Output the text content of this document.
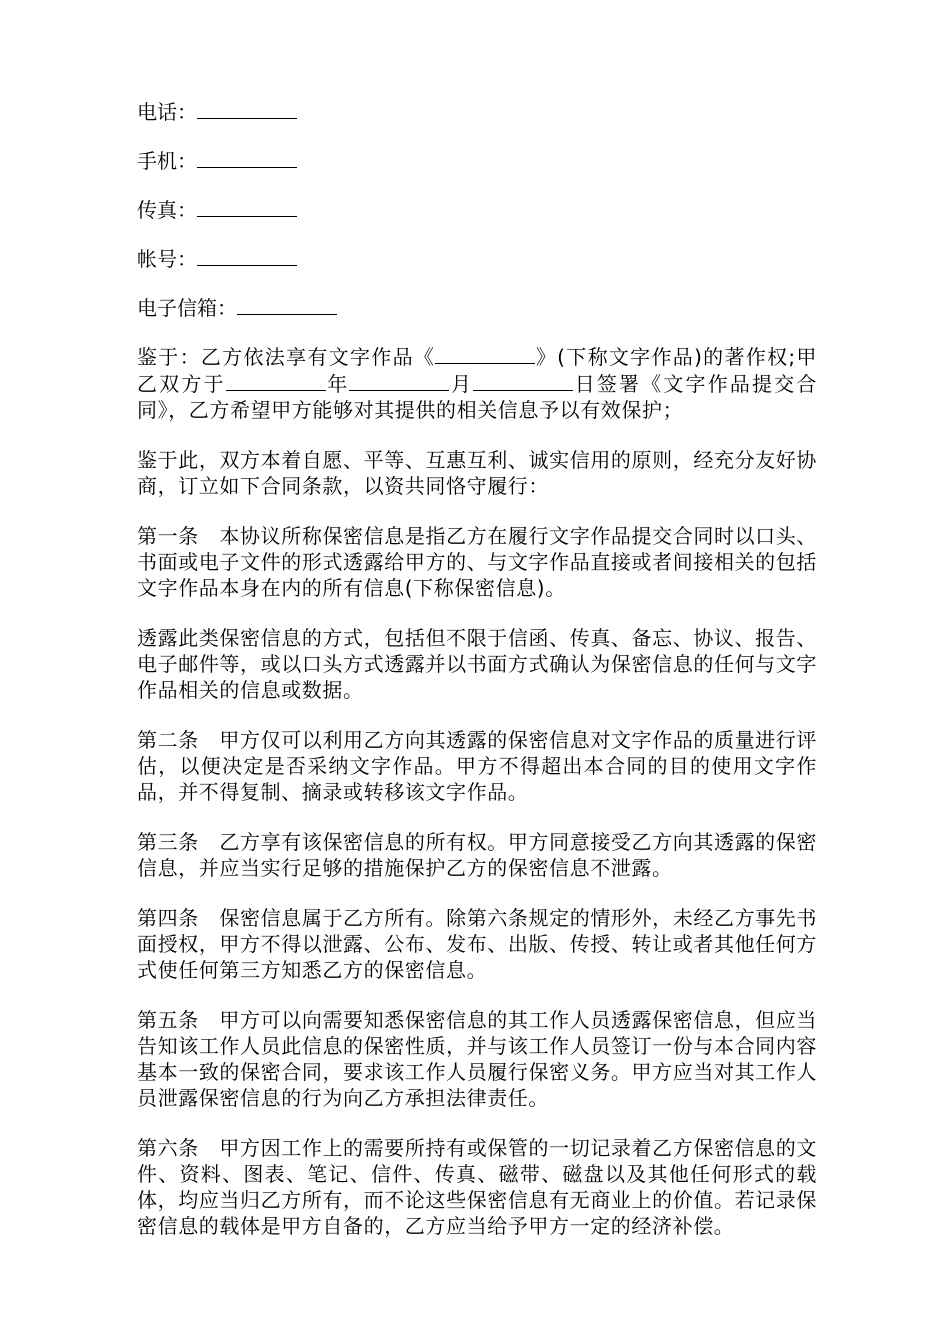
电话：
手机：
传真：
帐号：
电子信箱：

鉴于：乙方依法享有文字作品《	》(下称文字作品)的著作权;甲乙双方于	年	月	日签署《文字作品提交合同》，乙方希望甲方能够对其提供的相关信息予以有效保护；

鉴于此，双方本着自愿、平等、互惠互利、诚实信用的原则，经充分友好协商，订立如下合同条款，以资共同恪守履行：

第一条　本协议所称保密信息是指乙方在履行文字作品提交合同时以口头、书面或电子文件的形式透露给甲方的、与文字作品直接或者间接相关的包括文字作品本身在内的所有信息(下称保密信息)。

透露此类保密信息的方式，包括但不限于信函、传真、备忘、协议、报告、电子邮件等，或以口头方式透露并以书面方式确认为保密信息的任何与文字作品相关的信息或数据。

第二条　甲方仅可以利用乙方向其透露的保密信息对文字作品的质量进行评估，以便决定是否采纳文字作品。甲方不得超出本合同的目的使用文字作品，并不得复制、摘录或转移该文字作品。

第三条　乙方享有该保密信息的所有权。甲方同意接受乙方向其透露的保密信息，并应当实行足够的措施保护乙方的保密信息不泄露。

第四条　保密信息属于乙方所有。除第六条规定的情形外，未经乙方事先书面授权，甲方不得以泄露、公布、发布、出版、传授、转让或者其他任何方式使任何第三方知悉乙方的保密信息。

第五条　甲方可以向需要知悉保密信息的其工作人员透露保密信息，但应当告知该工作人员此信息的保密性质，并与该工作人员签订一份与本合同内容基本一致的保密合同，要求该工作人员履行保密义务。甲方应当对其工作人员泄露保密信息的行为向乙方承担法律责任。

第六条　甲方因工作上的需要所持有或保管的一切记录着乙方保密信息的文件、资料、图表、笔记、信件、传真、磁带、磁盘以及其他任何形式的载体，均应当归乙方所有，而不论这些保密信息有无商业上的价值。若记录保密信息的载体是甲方自备的，乙方应当给予甲方一定的经济补偿。
